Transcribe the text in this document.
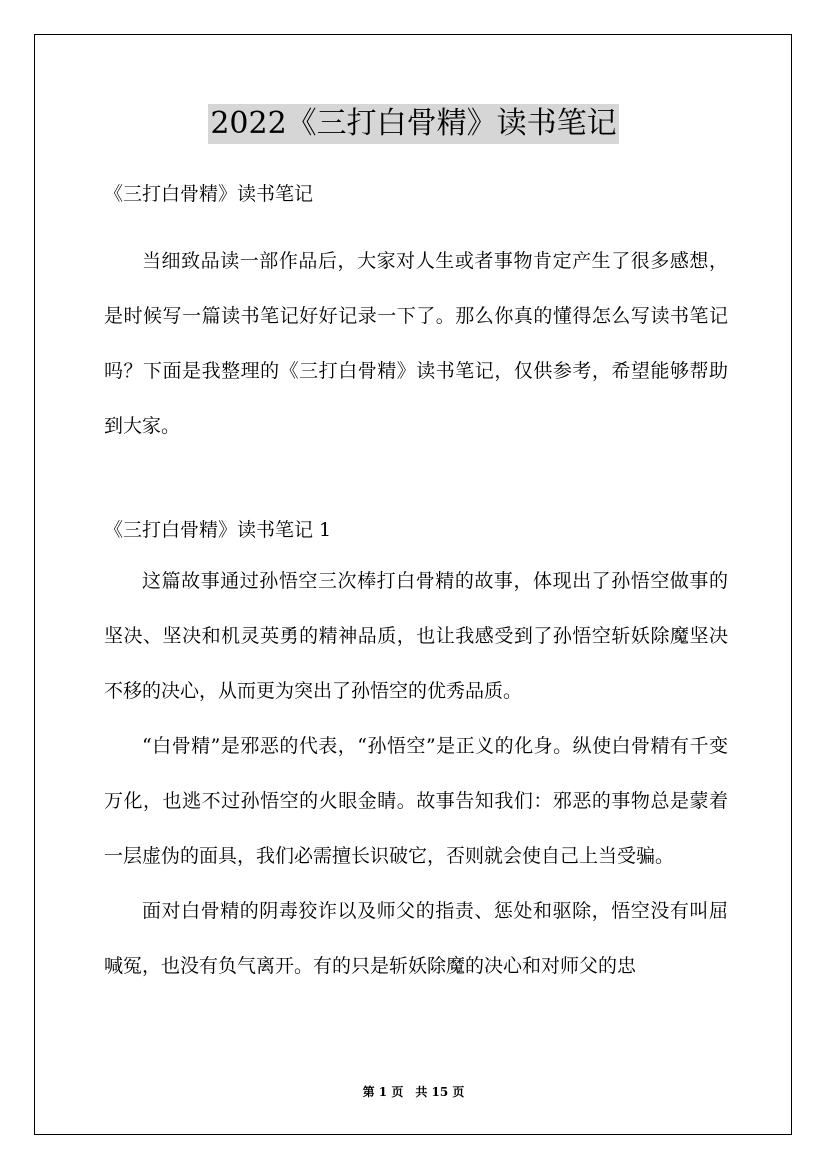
2022《三打白骨精》读书笔记
《三打白骨精》读书笔记

当细致品读一部作品后，大家对人生或者事物肯定产生了很多感想，是时候写一篇读书笔记好好记录一下了。那么你真的懂得怎么写读书笔记吗？下面是我整理的《三打白骨精》读书笔记，仅供参考，希望能够帮助到大家。

《三打白骨精》读书笔记 1

这篇故事通过孙悟空三次棒打白骨精的故事，体现出了孙悟空做事的坚决、坚决和机灵英勇的精神品质，也让我感受到了孙悟空斩妖除魔坚决不移的决心，从而更为突出了孙悟空的优秀品质。

“白骨精”是邪恶的代表，“孙悟空”是正义的化身。纵使白骨精有千变万化，也逃不过孙悟空的火眼金睛。故事告知我们：邪恶的事物总是蒙着一层虚伪的面具，我们必需擅长识破它，否则就会使自己上当受骗。

面对白骨精的阴毒狡诈以及师父的指责、惩处和驱除，悟空没有叫屈喊冤，也没有负气离开。有的只是斩妖除魔的决心和对师父的忠

第 1 页　共 15 页
